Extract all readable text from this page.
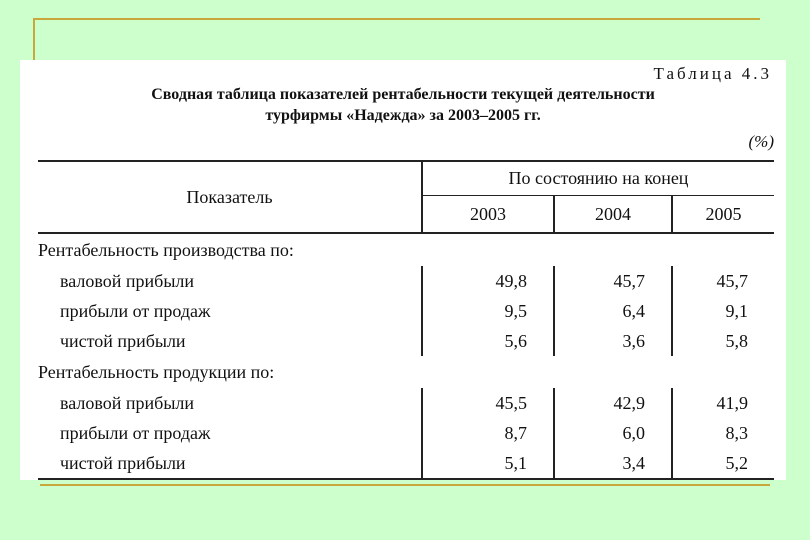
Таблица 4.3
Сводная таблица показателей рентабельности текущей деятельности
турфирмы «Надежда» за 2003–2005 гг.
(%)
Показатель	По состоянию на конец		
	2003	2004	2005
Рентабельность производства по:			
валовой прибыли	49,8	45,7	45,7
прибыли от продаж	9,5	6,4	9,1
чистой прибыли	5,6	3,6	5,8
Рентабельность продукции по:			
валовой прибыли	45,5	42,9	41,9
прибыли от продаж	8,7	6,0	8,3
чистой прибыли	5,1	3,4	5,2
